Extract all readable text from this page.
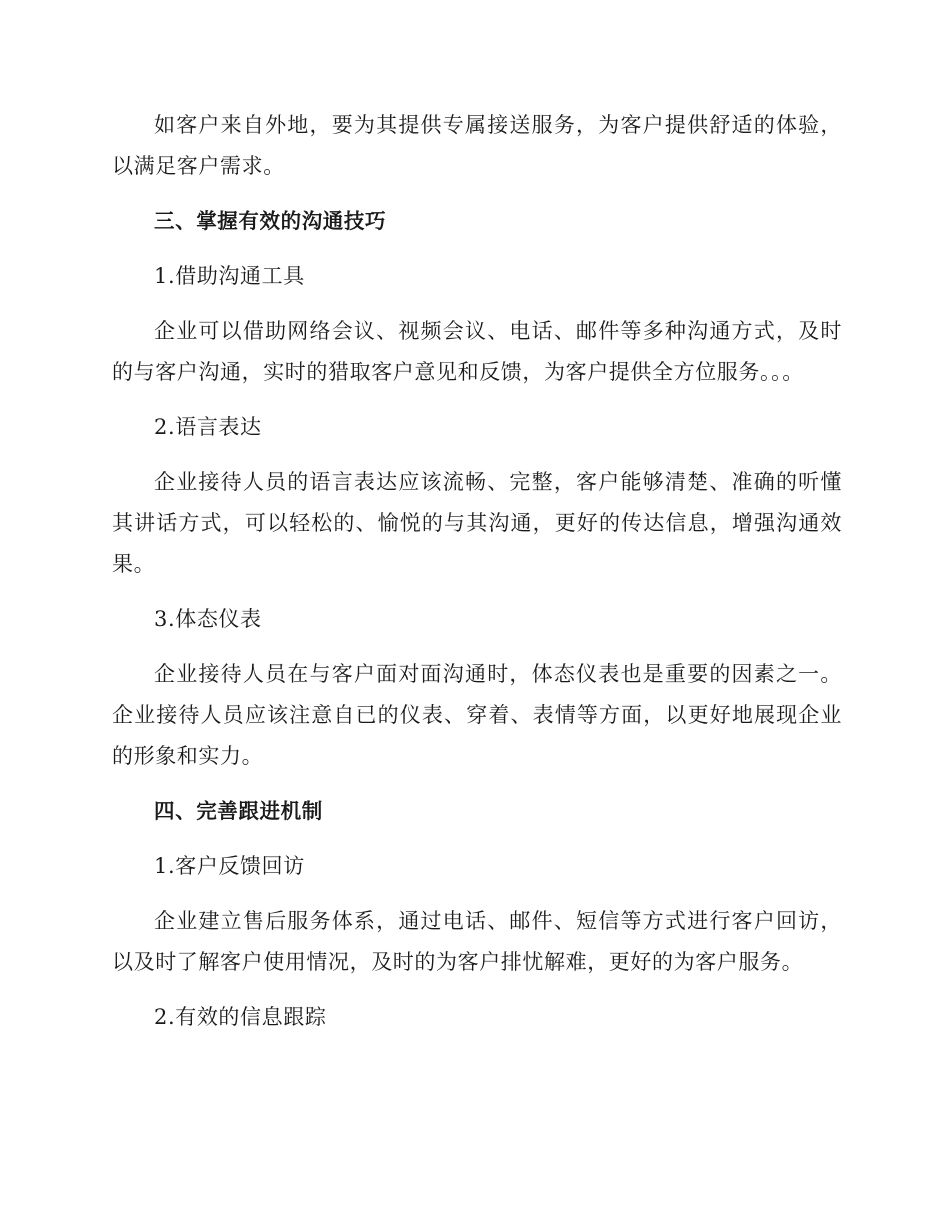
如客户来自外地，要为其提供专属接送服务，为客户提供舒适的体验，以满足客户需求。

三、掌握有效的沟通技巧

1.借助沟通工具

企业可以借助网络会议、视频会议、电话、邮件等多种沟通方式，及时的与客户沟通，实时的猎取客户意见和反馈，为客户提供全方位服务。。。

2.语言表达

企业接待人员的语言表达应该流畅、完整，客户能够清楚、准确的听懂其讲话方式，可以轻松的、愉悦的与其沟通，更好的传达信息，增强沟通效果。

3.体态仪表

企业接待人员在与客户面对面沟通时，体态仪表也是重要的因素之一。企业接待人员应该注意自已的仪表、穿着、表情等方面，以更好地展现企业的形象和实力。

四、完善跟进机制

1.客户反馈回访

企业建立售后服务体系，通过电话、邮件、短信等方式进行客户回访，以及时了解客户使用情况，及时的为客户排忧解难，更好的为客户服务。

2.有效的信息跟踪
